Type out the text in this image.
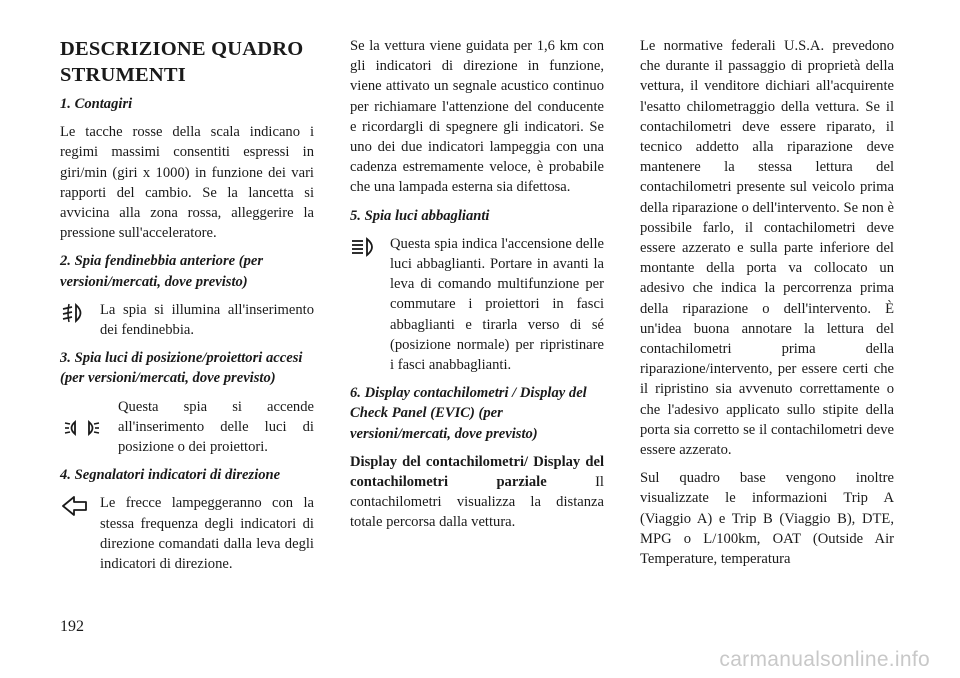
DESCRIZIONE QUADRO STRUMENTI
1. Contagiri

Le tacche rosse della scala indicano i regimi massimi consentiti espressi in giri/min (giri x 1000) in funzione dei vari rapporti del cambio. Se la lancetta si avvicina alla zona rossa, alleggerire la pressione sull'acceleratore.

2. Spia fendinebbia anteriore (per versioni/mercati, dove previsto)
La spia si illumina all'inserimento dei fendinebbia.
3. Spia luci di posizione/proiettori accesi (per versioni/mercati, dove previsto)
Questa spia si accende all'inserimento delle luci di posizione o dei proiettori.
4. Segnalatori indicatori di direzione
Le frecce lampeggeranno con la stessa frequenza degli indicatori di direzione comandati dalla leva degli indicatori di direzione.

Se la vettura viene guidata per 1,6 km con gli indicatori di direzione in funzione, viene attivato un segnale acustico continuo per richiamare l'attenzione del conducente e ricordargli di spegnere gli indicatori. Se uno dei due indicatori lampeggia con una cadenza estremamente veloce, è probabile che una lampada esterna sia difettosa.

5. Spia luci abbaglianti
Questa spia indica l'accensione delle luci abbaglianti. Portare in avanti la leva di comando multifunzione per commutare i proiettori in fasci abbaglianti e tirarla verso di sé (posizione normale) per ripristinare i fasci anabbaglianti.
6. Display contachilometri / Display del Check Panel (EVIC) (per versioni/mercati, dove previsto)

Display del contachilometri/ Display del contachilometri parziale Il contachilometri visualizza la distanza totale percorsa dalla vettura.

Le normative federali U.S.A. prevedono che durante il passaggio di proprietà della vettura, il venditore dichiari all'acquirente l'esatto chilometraggio della vettura. Se il contachilometri deve essere riparato, il tecnico addetto alla riparazione deve mantenere la stessa lettura del contachilometri presente sul veicolo prima della riparazione o dell'intervento. Se non è possibile farlo, il contachilometri deve essere azzerato e sulla parte inferiore del montante della porta va collocato un adesivo che indica la percorrenza prima della riparazione o dell'intervento. È un'idea buona annotare la lettura del contachilometri prima della riparazione/intervento, per essere certi che il ripristino sia avvenuto correttamente o che l'adesivo applicato sullo stipite della porta sia corretto se il contachilometri deve essere azzerato.

Sul quadro base vengono inoltre visualizzate le informazioni Trip A (Viaggio A) e Trip B (Viaggio B), DTE, MPG o L/100km, OAT (Outside Air Temperature, temperatura

192
carmanualsonline.info
